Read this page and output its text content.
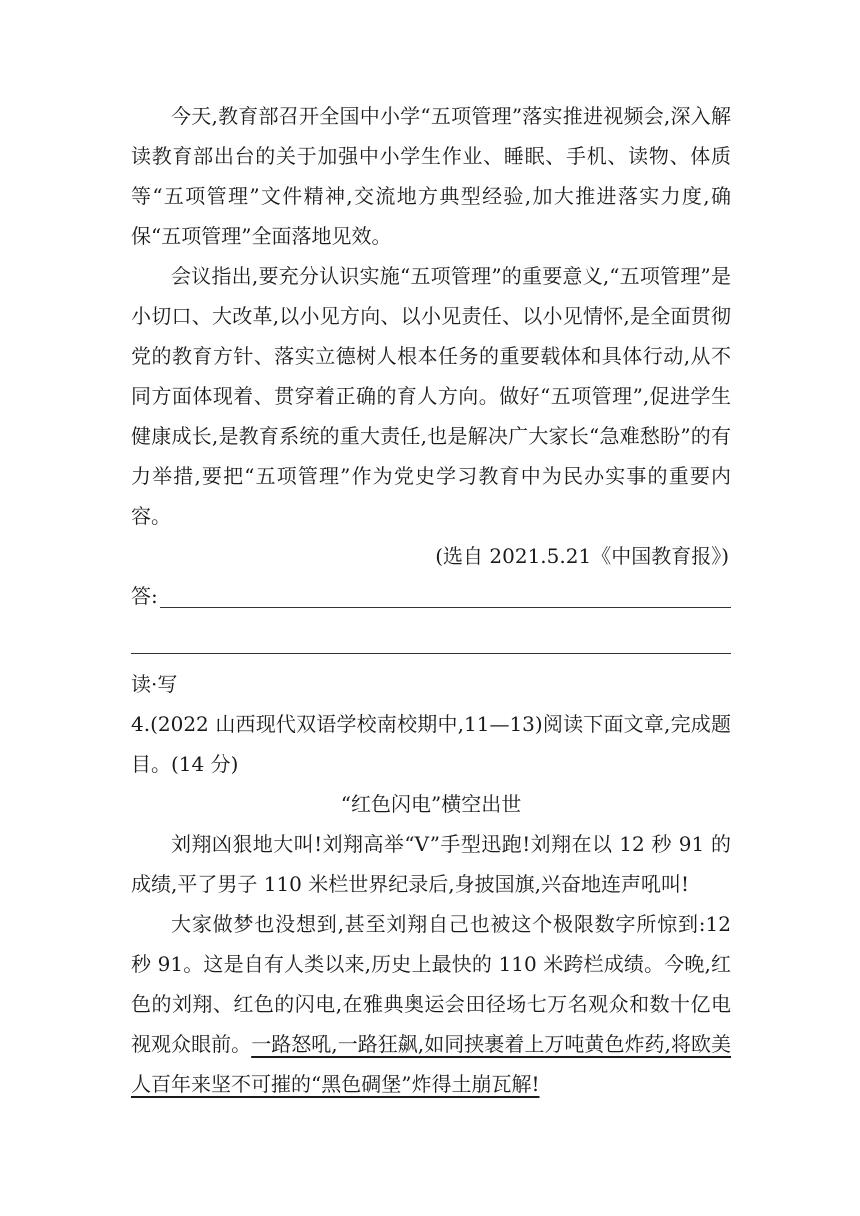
今天,教育部召开全国中小学“五项管理”落实推进视频会,深入解读教育部出台的关于加强中小学生作业、睡眠、手机、读物、体质等“五项管理”文件精神,交流地方典型经验,加大推进落实力度,确保“五项管理”全面落地见效。

会议指出,要充分认识实施“五项管理”的重要意义,“五项管理”是小切口、大改革,以小见方向、以小见责任、以小见情怀,是全面贯彻党的教育方针、落实立德树人根本任务的重要载体和具体行动,从不同方面体现着、贯穿着正确的育人方向。做好“五项管理”,促进学生健康成长,是教育系统的重大责任,也是解决广大家长“急难愁盼”的有力举措,要把“五项管理”作为党史学习教育中为民办实事的重要内容。

(选自 2021.5.21《中国教育报》)

答:

读·写

4.(2022 山西现代双语学校南校期中,11—13)阅读下面文章,完成题目。(14 分)

“红色闪电”横空出世

刘翔凶狠地大叫!刘翔高举“V”手型迅跑!刘翔在以 12 秒 91 的成绩,平了男子 110 米栏世界纪录后,身披国旗,兴奋地连声吼叫!

大家做梦也没想到,甚至刘翔自己也被这个极限数字所惊到:12 秒 91。这是自有人类以来,历史上最快的 110 米跨栏成绩。今晚,红色的刘翔、红色的闪电,在雅典奥运会田径场七万名观众和数十亿电视观众眼前。一路怒吼,一路狂飙,如同挟裹着上万吨黄色炸药,将欧美人百年来坚不可摧的“黑色碉堡”炸得土崩瓦解!
